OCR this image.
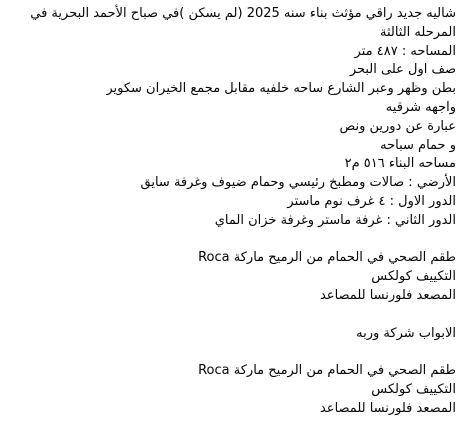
شاليه جديد راقي مؤثث بناء سنه 2025 (لم يسكن )في صباح الأحمد البحرية في
المرحله الثالثة
المساحه : ٤٨٧ متر
صف اول على البحر
بطن وظهر وعبر الشارع ساحه خلفيه مقابل مجمع الخيران سكوير
واجهه شرقيه
عبارة عن دورين ونص
و حمام سباحه
مساحه البناء ٥١٦ م٢
الأرضي : صالات ومطبخ رئيسي وحمام ضيوف وغرفة سايق
الدور الاول : ٤ غرف نوم ماستر
الدور الثاني : غرفة ماستر وغرفة خزان الماي
Roca طقم الصحي في الحمام من الرميح ماركة
التكييف كولكس
المصعد فلورنسا للمصاعد
الابواب شركة وربه
Roca طقم الصحي في الحمام من الرميح ماركة
التكييف كولكس
المصعد فلورنسا للمصاعد
